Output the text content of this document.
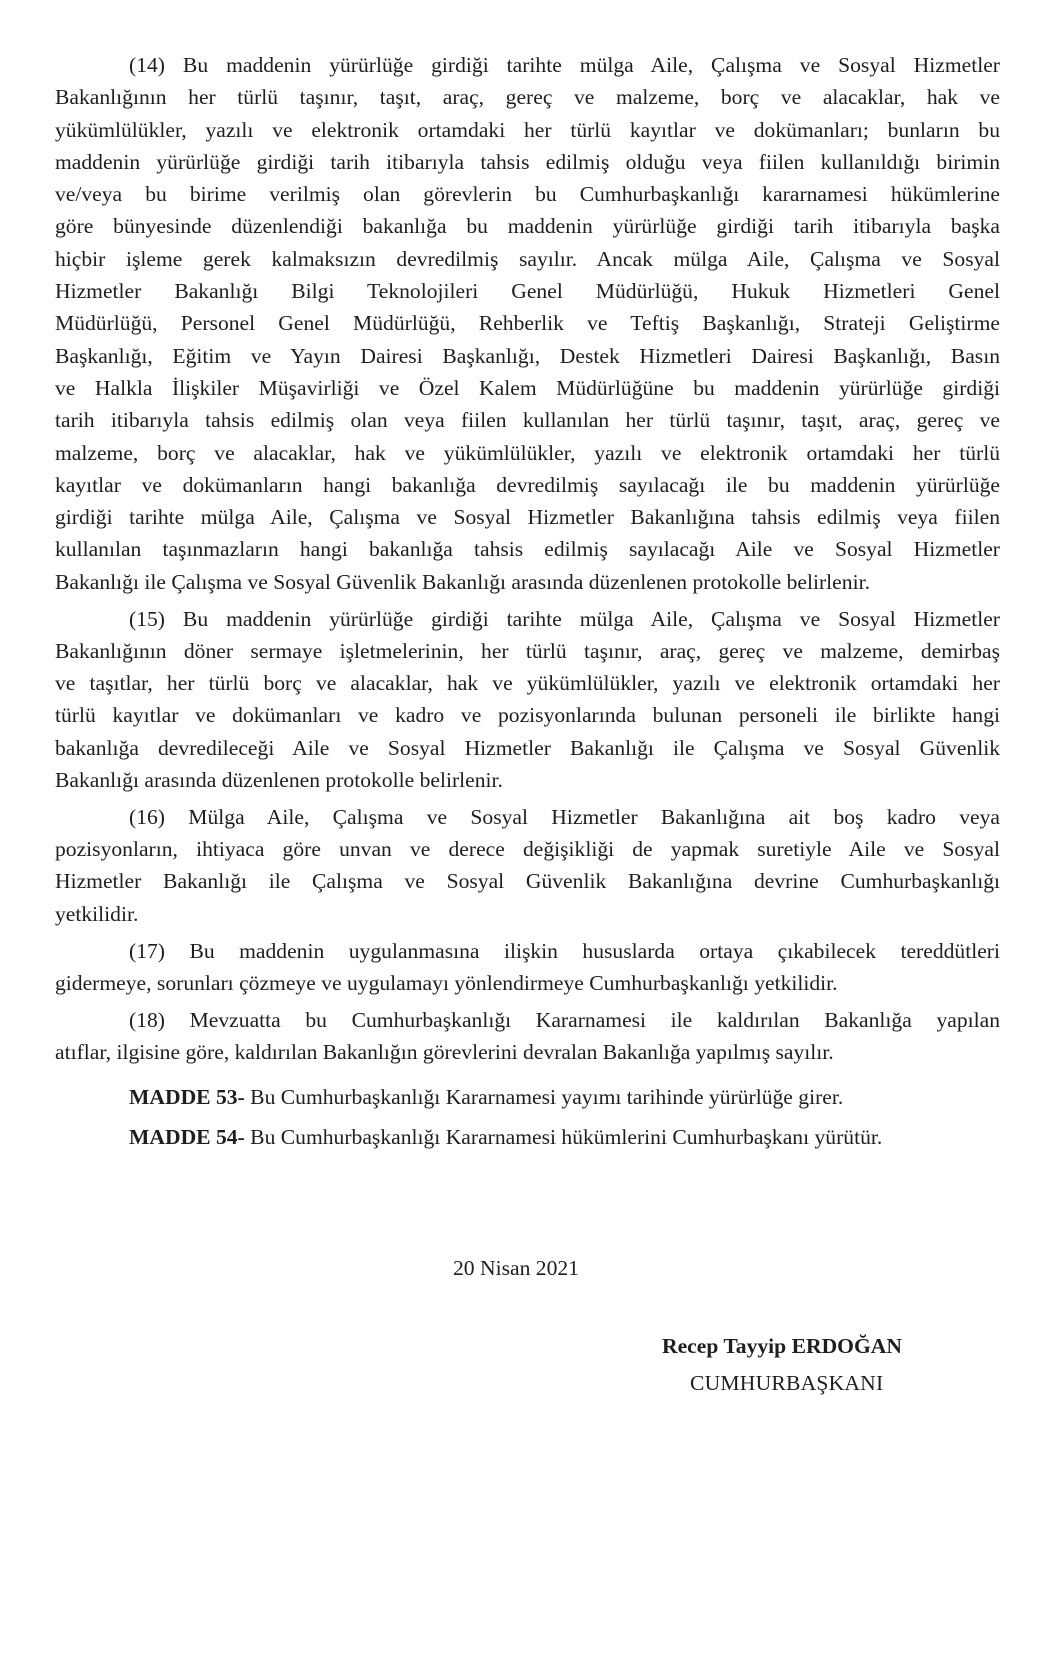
(14) Bu maddenin yürürlüğe girdiği tarihte mülga Aile, Çalışma ve Sosyal Hizmetler
Bakanlığının her türlü taşınır, taşıt, araç, gereç ve malzeme, borç ve alacaklar, hak ve
yükümlülükler, yazılı ve elektronik ortamdaki her türlü kayıtlar ve dokümanları; bunların bu
maddenin yürürlüğe girdiği tarih itibarıyla tahsis edilmiş olduğu veya fiilen kullanıldığı birimin
ve/veya bu birime verilmiş olan görevlerin bu Cumhurbaşkanlığı kararnamesi hükümlerine
göre bünyesinde düzenlendiği bakanlığa bu maddenin yürürlüğe girdiği tarih itibarıyla başka
hiçbir işleme gerek kalmaksızın devredilmiş sayılır. Ancak mülga Aile, Çalışma ve Sosyal
Hizmetler Bakanlığı Bilgi Teknolojileri Genel Müdürlüğü, Hukuk Hizmetleri Genel
Müdürlüğü, Personel Genel Müdürlüğü, Rehberlik ve Teftiş Başkanlığı, Strateji Geliştirme
Başkanlığı, Eğitim ve Yayın Dairesi Başkanlığı, Destek Hizmetleri Dairesi Başkanlığı, Basın
ve Halkla İlişkiler Müşavirliği ve Özel Kalem Müdürlüğüne bu maddenin yürürlüğe girdiği
tarih itibarıyla tahsis edilmiş olan veya fiilen kullanılan her türlü taşınır, taşıt, araç, gereç ve
malzeme, borç ve alacaklar, hak ve yükümlülükler, yazılı ve elektronik ortamdaki her türlü
kayıtlar ve dokümanların hangi bakanlığa devredilmiş sayılacağı ile bu maddenin yürürlüğe
girdiği tarihte mülga Aile, Çalışma ve Sosyal Hizmetler Bakanlığına tahsis edilmiş veya fiilen
kullanılan taşınmazların hangi bakanlığa tahsis edilmiş sayılacağı Aile ve Sosyal Hizmetler
Bakanlığı ile Çalışma ve Sosyal Güvenlik Bakanlığı arasında düzenlenen protokolle belirlenir.
(15) Bu maddenin yürürlüğe girdiği tarihte mülga Aile, Çalışma ve Sosyal Hizmetler
Bakanlığının döner sermaye işletmelerinin, her türlü taşınır, araç, gereç ve malzeme, demirbaş
ve taşıtlar, her türlü borç ve alacaklar, hak ve yükümlülükler, yazılı ve elektronik ortamdaki her
türlü kayıtlar ve dokümanları ve kadro ve pozisyonlarında bulunan personeli ile birlikte hangi
bakanlığa devredileceği Aile ve Sosyal Hizmetler Bakanlığı ile Çalışma ve Sosyal Güvenlik
Bakanlığı arasında düzenlenen protokolle belirlenir.
(16) Mülga Aile, Çalışma ve Sosyal Hizmetler Bakanlığına ait boş kadro veya
pozisyonların, ihtiyaca göre unvan ve derece değişikliği de yapmak suretiyle Aile ve Sosyal
Hizmetler Bakanlığı ile Çalışma ve Sosyal Güvenlik Bakanlığına devrine Cumhurbaşkanlığı
yetkilidir.
(17) Bu maddenin uygulanmasına ilişkin hususlarda ortaya çıkabilecek tereddütleri
gidermeye, sorunları çözmeye ve uygulamayı yönlendirmeye Cumhurbaşkanlığı yetkilidir.
(18) Mevzuatta bu Cumhurbaşkanlığı Kararnamesi ile kaldırılan Bakanlığa yapılan
atıflar, ilgisine göre, kaldırılan Bakanlığın görevlerini devralan Bakanlığa yapılmış sayılır.
MADDE 53- Bu Cumhurbaşkanlığı Kararnamesi yayımı tarihinde yürürlüğe girer.
MADDE 54- Bu Cumhurbaşkanlığı Kararnamesi hükümlerini Cumhurbaşkanı yürütür.
20 Nisan 2021
Recep Tayyip ERDOĞAN
CUMHURBAŞKANI
